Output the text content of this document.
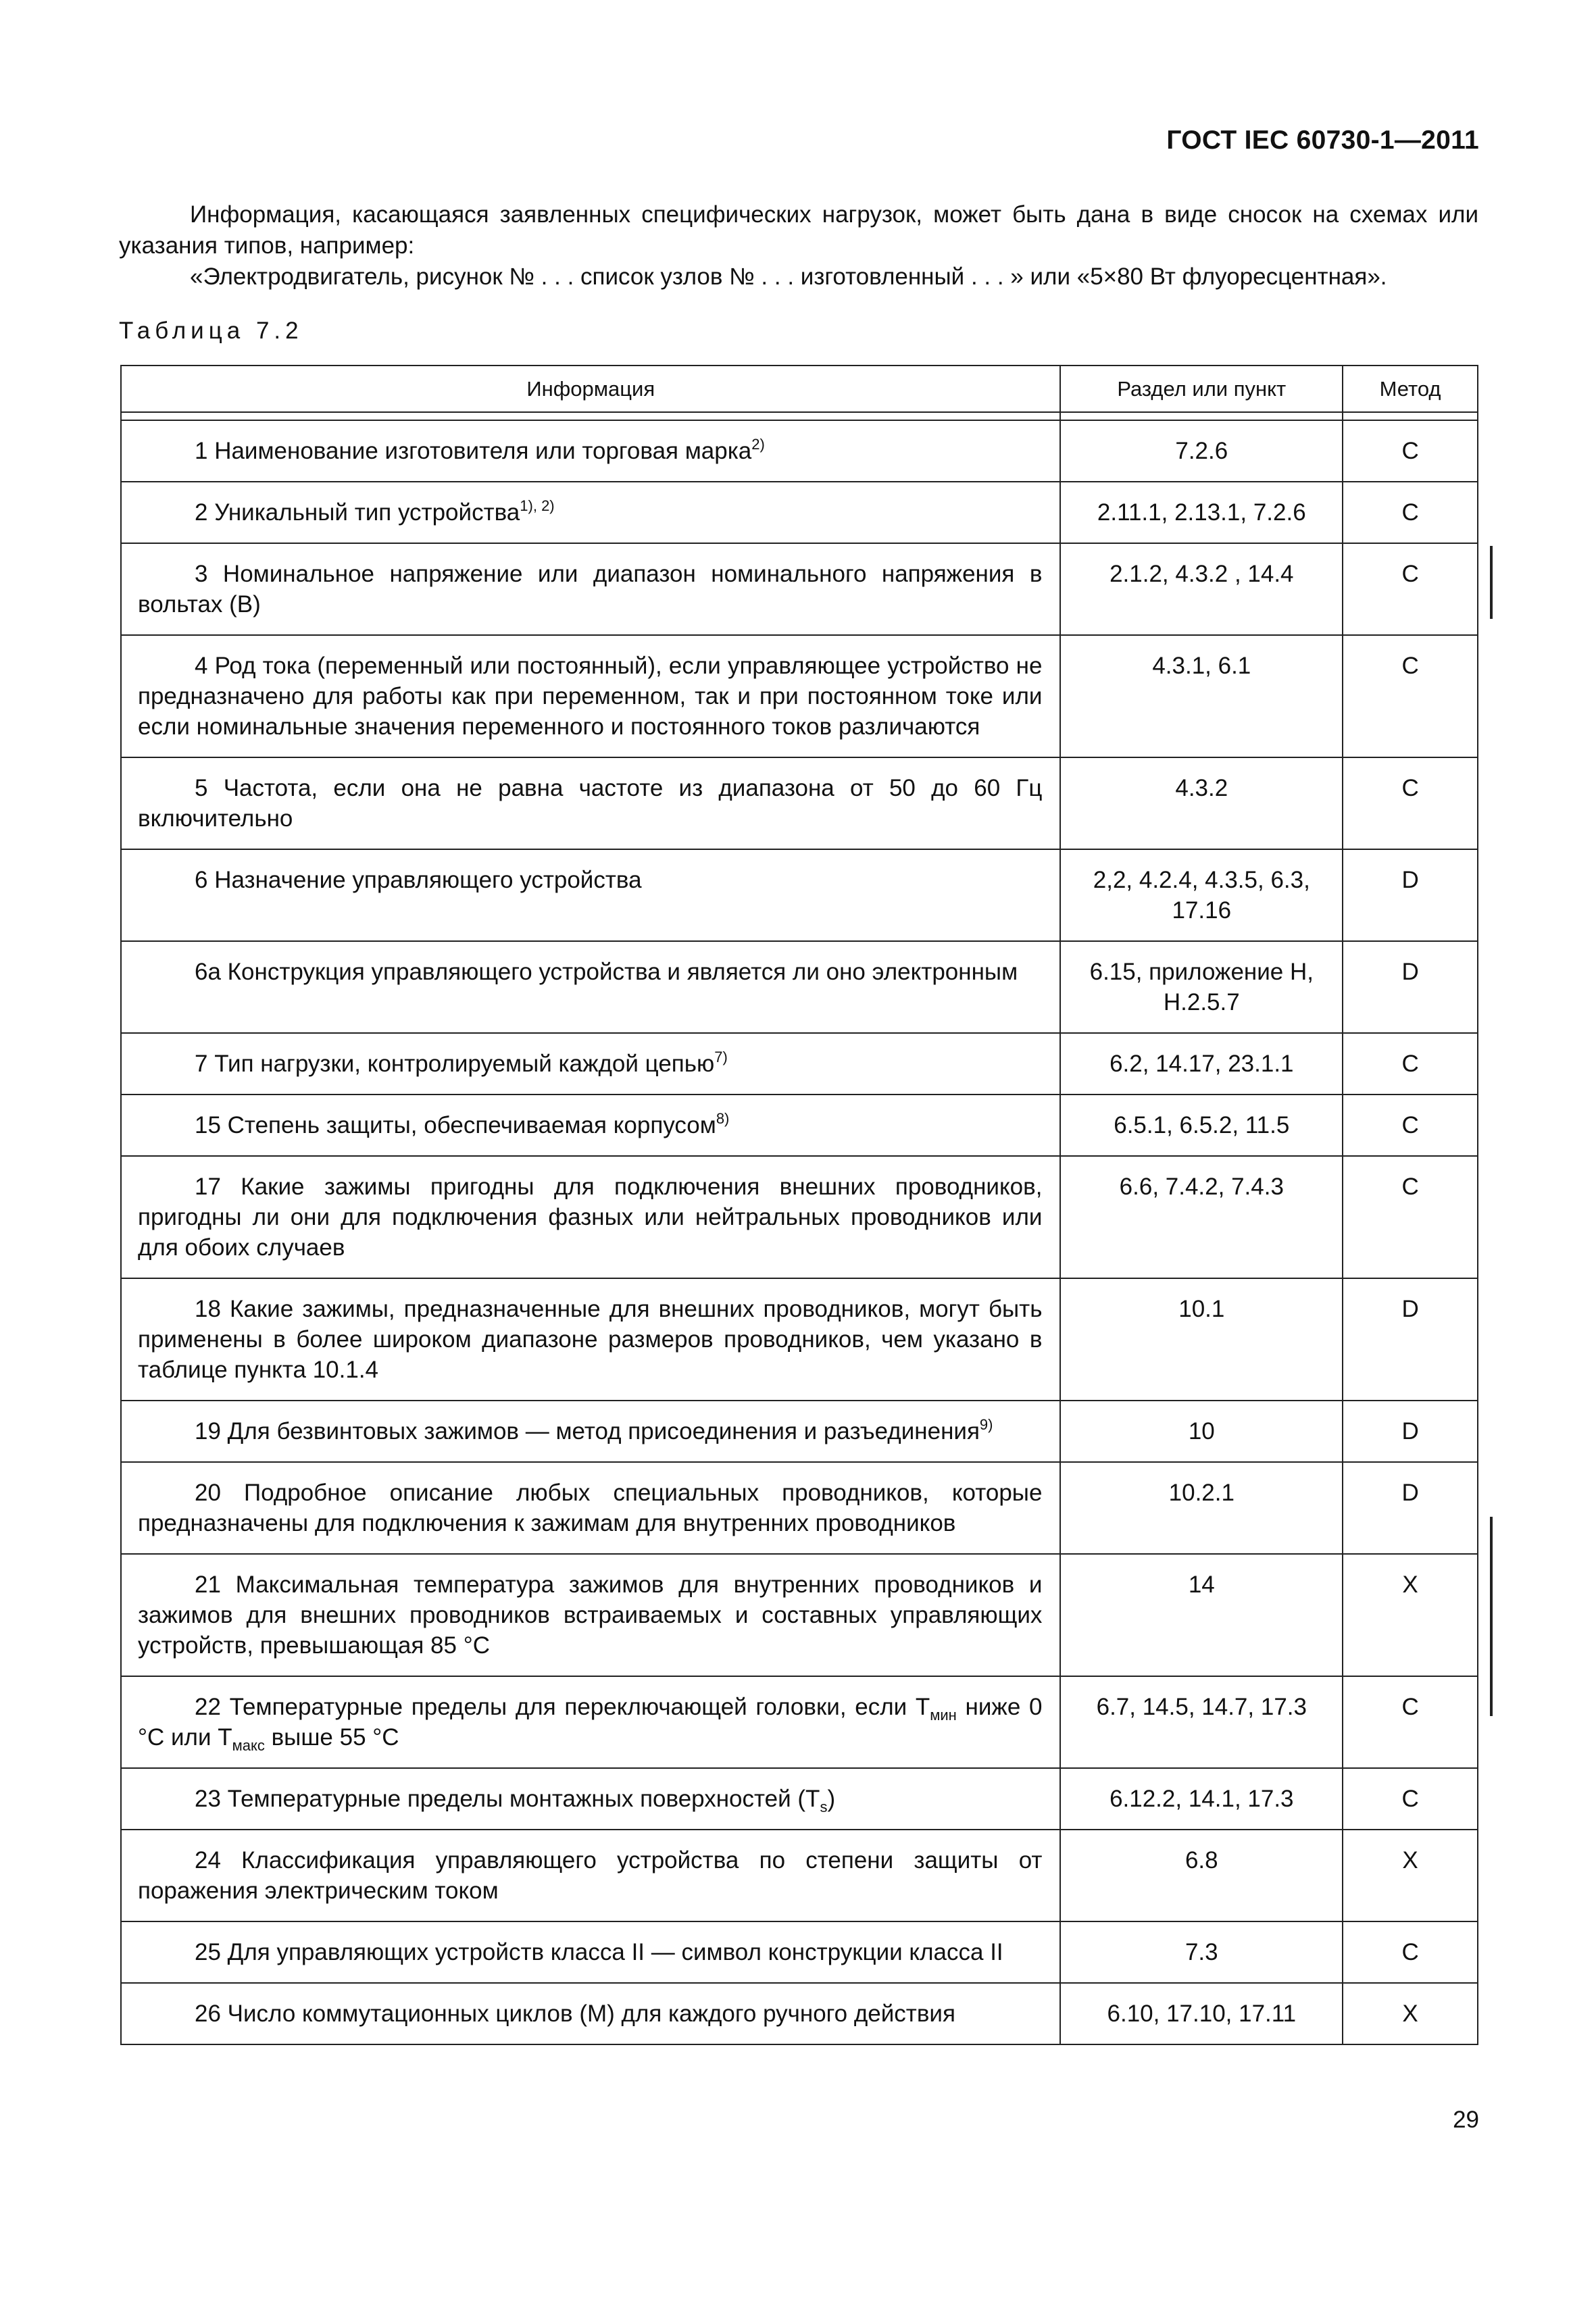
ГОСТ IEC 60730-1—2011

Информация, касающаяся заявленных специфических нагрузок, может быть дана в виде сносок на схемах или указания типов, например:

«Электродвигатель, рисунок № . . . список узлов № . . . изготовленный . . . » или «5×80 Вт флуоресцентная».

Таблица 7.2
Информация	Раздел или пункт	Метод

1 Наименование изготовителя или торговая марка$^{2)}$	7.2.6	C

2 Уникальный тип устройства$^{1), 2)}$	2.11.1, 2.13.1, 7.2.6	C

3 Номинальное напряжение или диапазон номинального напряжения в вольтах (В)	2.1.2, 4.3.2 , 14.4	C

4 Род тока (переменный или постоянный), если управляющее устройство не предназначено для работы как при переменном, так и при постоянном токе или если номинальные значения переменного и постоянного токов различаются	4.3.1, 6.1	C

5 Частота, если она не равна частоте из диапазона от 50 до 60 Гц включительно	4.3.2	C

6 Назначение управляющего устройства	2,2, 4.2.4, 4.3.5, 6.3, 17.16	D

6а Конструкция управляющего устройства и является ли оно электронным	6.15, приложение Н, Н.2.5.7	D

7 Тип нагрузки, контролируемый каждой цепью$^{7)}$	6.2, 14.17, 23.1.1	C

15 Степень защиты, обеспечиваемая корпусом$^{8)}$	6.5.1, 6.5.2, 11.5	C

17 Какие зажимы пригодны для подключения внешних проводников, пригодны ли они для подключения фазных или нейтральных проводников или для обоих случаев	6.6, 7.4.2, 7.4.3	C

18 Какие зажимы, предназначенные для внешних проводников, могут быть применены в более широком диапазоне размеров проводников, чем указано в таблице пункта 10.1.4	10.1	D

19 Для безвинтовых зажимов — метод присоединения и разъединения$^{9)}$	10	D

20 Подробное описание любых специальных проводников, которые предназначены для подключения к зажимам для внутренних проводников	10.2.1	D

21 Максимальная температура зажимов для внутренних проводников и зажимов для внешних проводников встраиваемых и составных управляющих устройств, превышающая 85 °С	14	X

22 Температурные пределы для переключающей головки, если $Т_{мин}$ ниже 0 °С или $Т_{макс}$ выше 55 °С	6.7, 14.5, 14.7, 17.3	C

23 Температурные пределы монтажных поверхностей $(Т_s)$	6.12.2, 14.1, 17.3	C

24 Классификация управляющего устройства по степени защиты от поражения электрическим током	6.8	X

25 Для управляющих устройств класса II — символ конструкции класса II	7.3	C

26 Число коммутационных циклов (М) для каждого ручного действия	6.10, 17.10, 17.11	X
29
